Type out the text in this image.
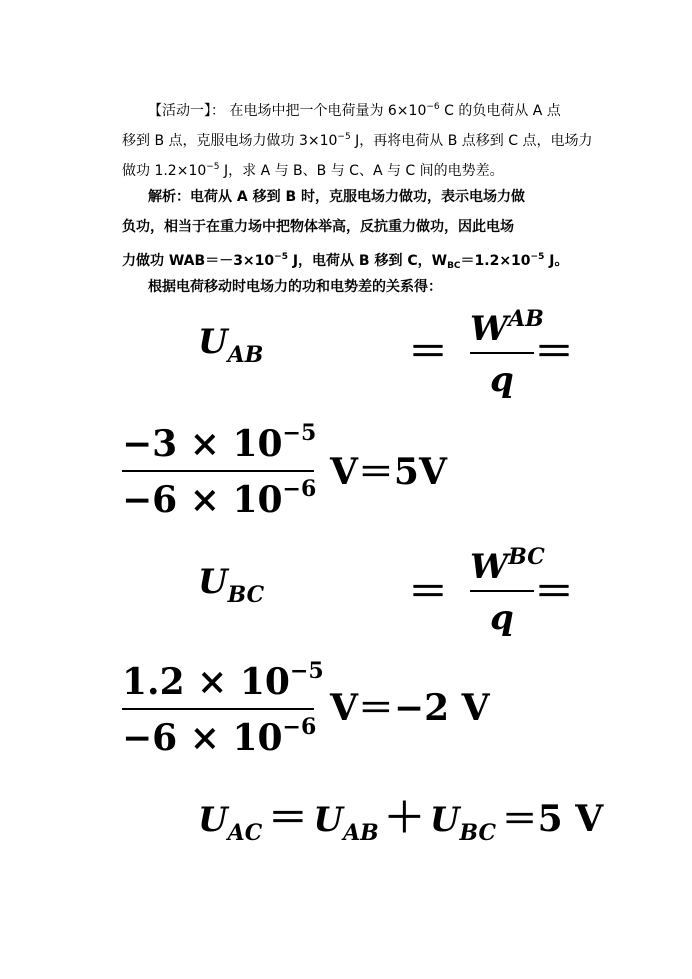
【活动一】： 在电场中把一个电荷量为 $6\times 10^{-6}$ C 的负电荷从 A 点
移到 B 点，克服电场力做功 $3\times 10^{-5}$ J，再将电荷从 B 点移到 C 点，电场力
做功 $1.2\times 10^{-5}$ J，求 A 与 B、B 与 C、A 与 C 间的电势差。
解析：电荷从 A 移到 B 时，克服电场力做功，表示电场力做
负功，相当于在重力场中把物体举高，反抗重力做功，因此电场
力做功 $WAB=-3\times 10^{-5}$ J，电荷从 B 移到 C，$W_{BC}=1.2\times 10^{-5}$ J。
根据电荷移动时电场力的功和电势差的关系得：
UAB	＝ WAB
q
＝
$-3 \times 10^{-5}$
$-6 \times 10^{-6}$ V＝5V
UBC	＝
WBC
q
＝
$1.2 \times 10^{-5}$
$-6 \times 10^{-6}$ V＝−2 V
UAC ＝ UAB ＋ UBC ＝5 V
